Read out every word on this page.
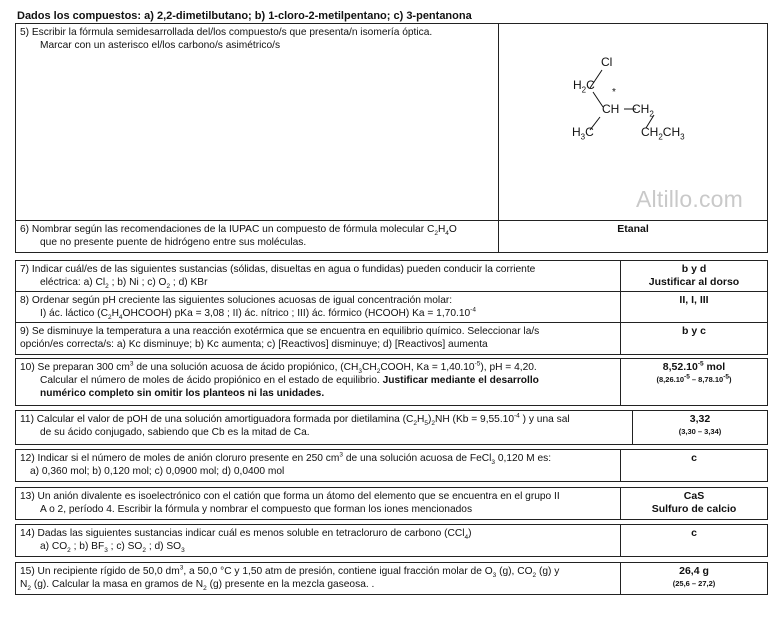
Dados los compuestos: a) 2,2-dimetilbutano; b) 1-cloro-2-metilpentano; c) 3-pentanona
5) Escribir la fórmula semidesarrollada del/los compuesto/s que presenta/n isomería óptica.
Marcar con un asterisco el/los carbono/s asimétrico/s
Cl
$H_2C$
*
CH $CH_2$
$H_3C$	$CH_2CH_3$
Altillo.com
6) Nombrar según las recomendaciones de la IUPAC un compuesto de fórmula molecular $C_2H_4O$
que no presente puente de hidrógeno entre sus moléculas.
Etanal
7) Indicar cuál/es de las siguientes sustancias (sólidas, disueltas en agua o fundidas) pueden conducir la corriente
eléctrica: a) $Cl_2$ ; b) Ni ; c) $O_2$ ; d) KBr
b y d
Justificar al dorso
8) Ordenar según pH creciente las siguientes soluciones acuosas de igual concentración molar:
I) ác. láctico $(C_2H_4OHCOOH)$ pKa = 3,08 ; II) ác. nítrico ; III) ác. fórmico (HCOOH) $Ka = 1,70.10^{-4}$
II, I, III
9) Se disminuye la temperatura a una reacción exotérmica que se encuentra en equilibrio químico. Seleccionar la/s
opción/es correcta/s: a) Kc disminuye; b) Kc aumenta; c) [Reactivos] disminuye; d) [Reactivos] aumenta
b y c
10) Se preparan 300 $cm^3$ de una solución acuosa de ácido propiónico, ($CH_3CH_2COOH$, $Ka = 1,40.10^{-5}$), pH = 4,20.
Calcular el número de moles de ácido propiónico en el estado de equilibrio. Justificar mediante el desarrollo
numérico completo sin omitir los planteos ni las unidades.
$8,52.10^{-5}$ mol
$(8,26.10^{-5} - 8,78.10^{-5})$
11) Calcular el valor de pOH de una solución amortiguadora formada por dietilamina $(C_2H_5)_2NH$ ($Kb = 9,55.10^{-4}$ ) y una sal
de su ácido conjugado, sabiendo que Cb es la mitad de Ca.
3,32
(3,30 – 3,34)
12) Indicar si el número de moles de anión cloruro presente en 250 $cm^3$ de una solución acuosa de FeCl$_3$ 0,120 M es:
a) 0,360 mol; b) 0,120 mol; c) 0,0900 mol; d) 0,0400 mol
c
13) Un anión divalente es isoelectrónico con el catión que forma un átomo del elemento que se encuentra en el grupo II
A o 2, período 4. Escribir la fórmula y nombrar el compuesto que forman los iones mencionados
CaS
Sulfuro de calcio
14) Dadas las siguientes sustancias indicar cuál es menos soluble en tetracloruro de carbono (CCl$_4$)
a) $CO_2$ ; b) $BF_3$ ; c) $SO_2$ ; d) $SO_3$
c
15) Un recipiente rígido de 50,0 $dm^3$, a 50,0 °C y 1,50 atm de presión, contiene igual fracción molar de $O_3$ (g), $CO_2$ (g) y
$N_2$ (g). Calcular la masa en gramos de $N_2$ (g) presente en la mezcla gaseosa. .
26,4 g
(25,6 – 27,2)
